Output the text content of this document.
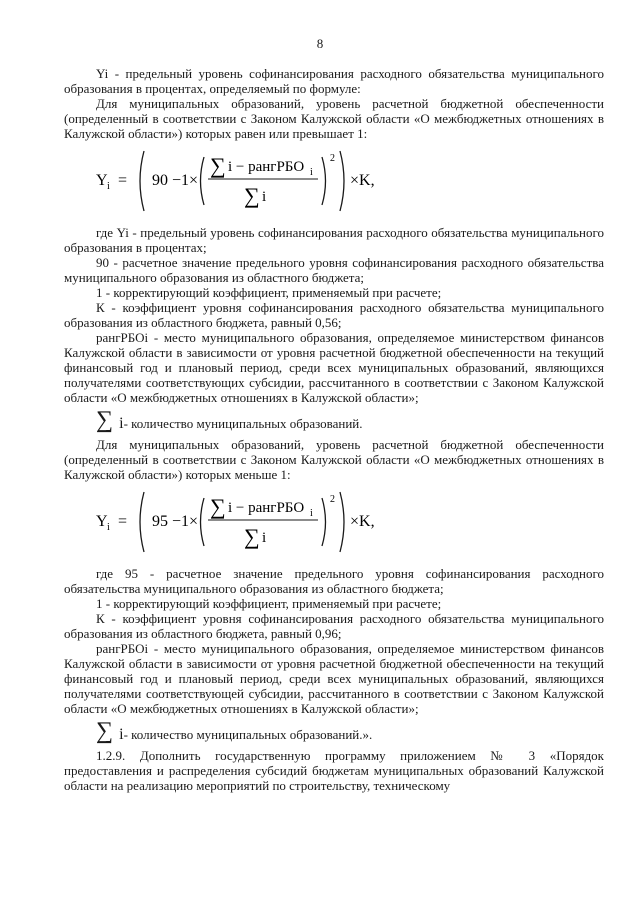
8

Yi - предельный уровень софинансирования расходного обязательства муниципального образования в процентах, определяемый по формуле:

Для муниципальных образований, уровень расчетной бюджетной обеспеченности (определенный в соответствии с Законом Калужской области «О межбюджетных отношениях в Калужской области») которых равен или превышает 1:

Y i = 90 −1×
∑ i − рангРБО i
∑ i
2
×K,

где Yi - предельный уровень софинансирования расходного обязательства муниципального образования в процентах;

90 - расчетное значение предельного уровня софинансирования расходного обязательства муниципального образования из областного бюджета;

1 - корректирующий коэффициент, применяемый при расчете;

К - коэффициент уровня софинансирования расходного обязательства муниципального образования из областного бюджета, равный 0,56;

рангРБОi - место муниципального образования, определяемое министерством финансов Калужской области в зависимости от уровня расчетной бюджетной обеспеченности на текущий финансовый год и плановый период, среди всех муниципальных образований, являющихся получателями соответствующих субсидии, рассчитанного в соответствии с Законом Калужской области «О межбюджетных отношениях в Калужской области»;

∑ i - количество муниципальных образований.

Для муниципальных образований, уровень расчетной бюджетной обеспеченности (определенный в соответствии с Законом Калужской области «О межбюджетных отношениях в Калужской области») которых меньше 1:

Y i = 95 −1×
∑ i − рангРБО i
∑ i
2
×K,

где 95 - расчетное значение предельного уровня софинансирования расходного обязательства муниципального образования из областного бюджета;

1 - корректирующий коэффициент, применяемый при расчете;

К - коэффициент уровня софинансирования расходного обязательства муниципального образования из областного бюджета, равный 0,96;

рангРБОi - место муниципального образования, определяемое министерством финансов Калужской области в зависимости от уровня расчетной бюджетной обеспеченности на текущий финансовый год и плановый период, среди всех муниципальных образований, являющихся получателями соответствующей субсидии, рассчитанного в соответствии с Законом Калужской области «О межбюджетных отношениях в Калужской области»;

∑ i - количество муниципальных образований.».

1.2.9. Дополнить государственную программу приложением № 3 «Порядок предоставления и распределения субсидий бюджетам муниципальных образований Калужской области на реализацию мероприятий по строительству, техническому
